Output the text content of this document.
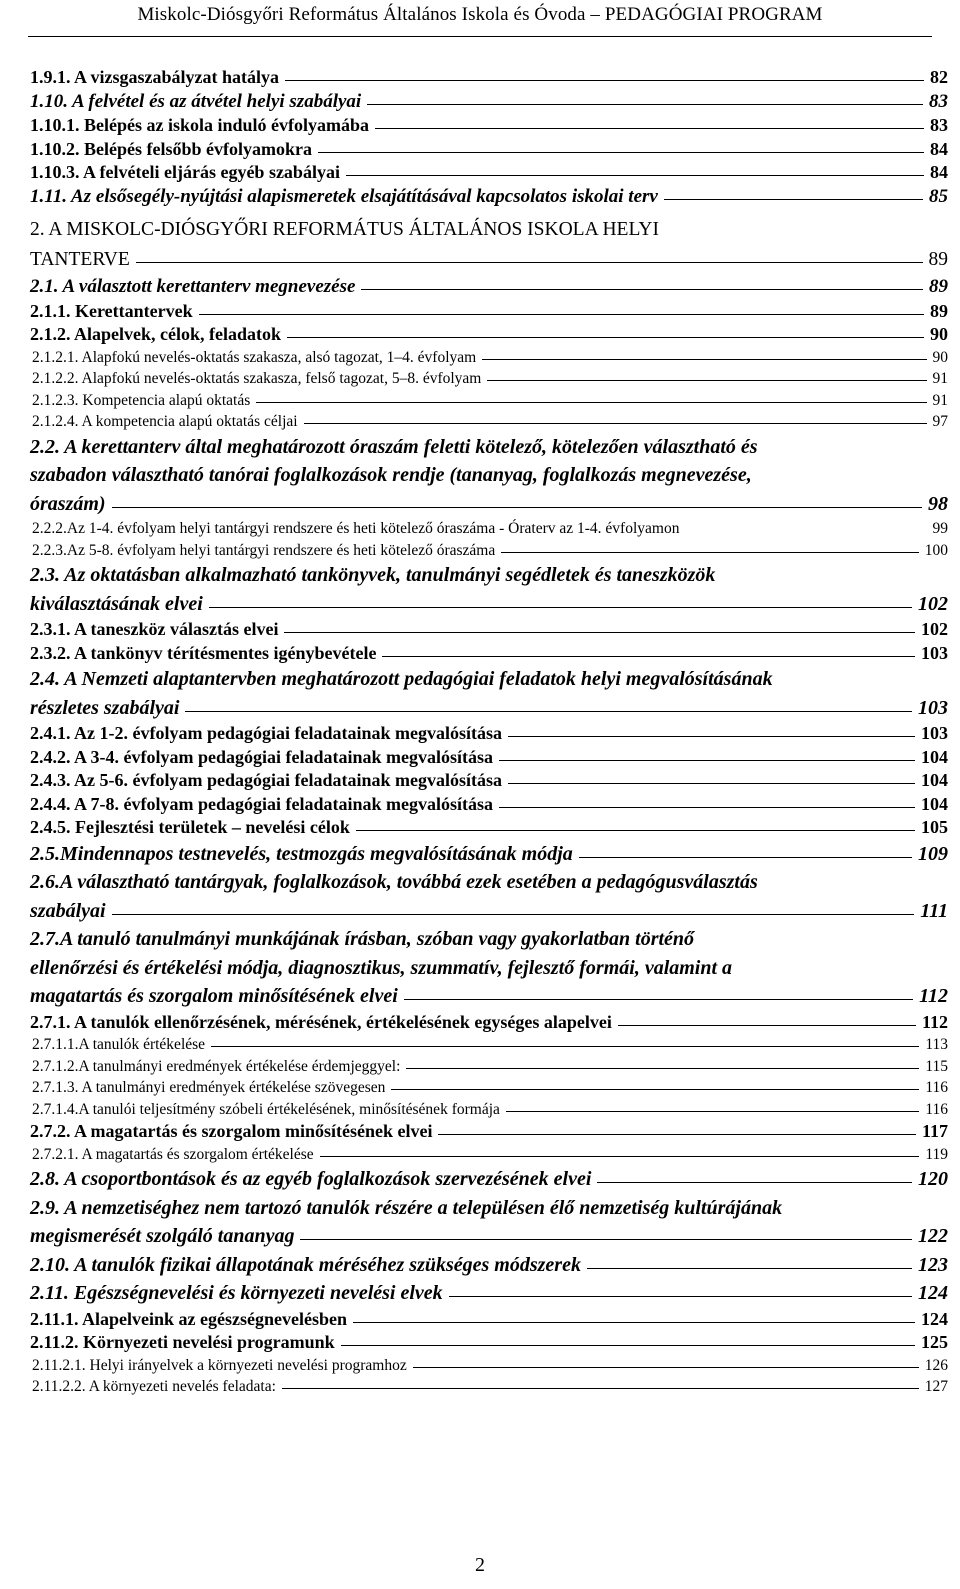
Miskolc-Diósgyőri Református Általános Iskola és Óvoda – PEDAGÓGIAI PROGRAM
1.9.1. A vizsgaszabályzat hatálya	82
1.10. A felvétel és az átvétel helyi szabályai	83
1.10.1. Belépés az iskola induló évfolyamába	83
1.10.2. Belépés felsőbb évfolyamokra	84
1.10.3. A felvételi eljárás egyéb szabályai	84
1.11. Az elsősegély-nyújtási alapismeretek elsajátításával kapcsolatos iskolai terv	85
2. A MISKOLC-DIÓSGYŐRI REFORMÁTUS ÁLTALÁNOS ISKOLA HELYI
TANTERVE	89
2.1. A választott kerettanterv megnevezése	89
2.1.1. Kerettantervek	89
2.1.2. Alapelvek, célok, feladatok	90
2.1.2.1. Alapfokú nevelés-oktatás szakasza, alsó tagozat, 1–4. évfolyam	90
2.1.2.2. Alapfokú nevelés-oktatás szakasza, felső tagozat, 5–8. évfolyam	91
2.1.2.3. Kompetencia alapú oktatás	91
2.1.2.4. A kompetencia alapú oktatás céljai	97
2.2. A kerettanterv által meghatározott óraszám feletti kötelező, kötelezően választható és
szabadon választható tanórai foglalkozások rendje (tananyag, foglalkozás megnevezése,
óraszám)	98
2.2.2.Az 1-4. évfolyam helyi tantárgyi rendszere és heti kötelező óraszáma - Óraterv az 1-4. évfolyamon	99
2.2.3.Az 5-8. évfolyam helyi tantárgyi rendszere és heti kötelező óraszáma	100
2.3. Az oktatásban alkalmazható tankönyvek, tanulmányi segédletek és taneszközök
kiválasztásának elvei	102
2.3.1. A taneszköz választás elvei	102
2.3.2. A tankönyv térítésmentes igénybevétele	103
2.4. A Nemzeti alaptantervben meghatározott pedagógiai feladatok helyi megvalósításának
részletes szabályai	103
2.4.1. Az 1-2. évfolyam pedagógiai feladatainak megvalósítása	103
2.4.2. A 3-4. évfolyam pedagógiai feladatainak megvalósítása	104
2.4.3. Az 5-6. évfolyam pedagógiai feladatainak megvalósítása	104
2.4.4. A 7-8. évfolyam pedagógiai feladatainak megvalósítása	104
2.4.5. Fejlesztési területek – nevelési célok	105
2.5.Mindennapos testnevelés, testmozgás megvalósításának módja	109
2.6.A választható tantárgyak, foglalkozások, továbbá ezek esetében a pedagógusválasztás
szabályai	111
2.7.A tanuló tanulmányi munkájának írásban, szóban vagy gyakorlatban történő
ellenőrzési és értékelési módja, diagnosztikus, szummatív, fejlesztő formái, valamint a
magatartás és szorgalom minősítésének elvei	112
2.7.1. A tanulók ellenőrzésének, mérésének, értékelésének egységes alapelvei	112
2.7.1.1.A tanulók értékelése	113
2.7.1.2.A tanulmányi eredmények értékelése érdemjeggyel:	115
2.7.1.3. A tanulmányi eredmények értékelése szövegesen	116
2.7.1.4.A tanulói teljesítmény szóbeli értékelésének, minősítésének formája	116
2.7.2. A magatartás és szorgalom minősítésének elvei	117
2.7.2.1. A magatartás és szorgalom értékelése	119
2.8. A csoportbontások és az egyéb foglalkozások szervezésének elvei	120
2.9. A nemzetiséghez nem tartozó tanulók részére a településen élő nemzetiség kultúrájának
megismerését szolgáló tananyag	122
2.10. A tanulók fizikai állapotának méréséhez szükséges módszerek	123
2.11. Egészségnevelési és környezeti nevelési elvek	124
2.11.1. Alapelveink az egészségnevelésben	124
2.11.2. Környezeti nevelési programunk	125
2.11.2.1. Helyi irányelvek a környezeti nevelési programhoz	126
2.11.2.2. A környezeti nevelés feladata:	127
2
